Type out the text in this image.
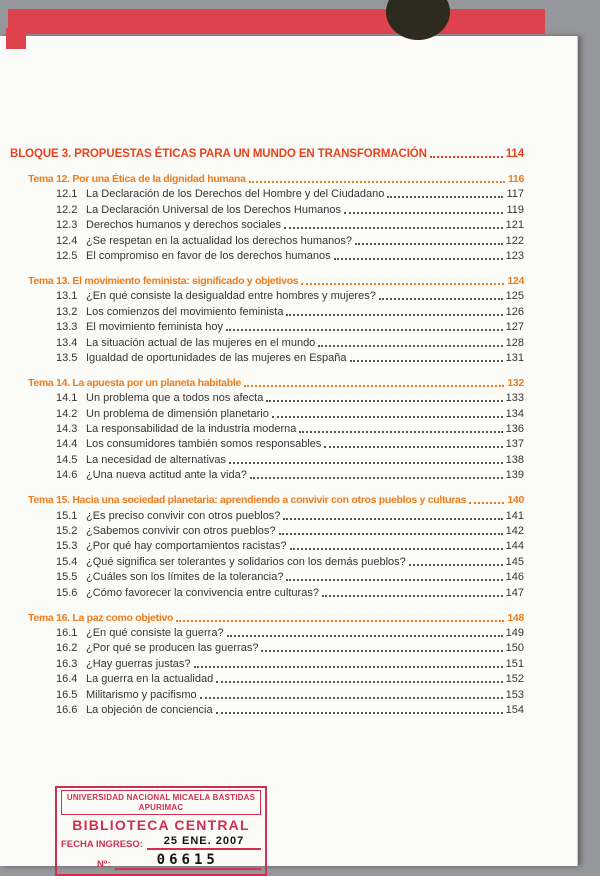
BLOQUE 3. PROPUESTAS ÉTICAS PARA UN MUNDO EN TRANSFORMACIÓN	114
Tema 12. Por una Ética de la dignidad humana	116
12.1 La Declaración de los Derechos del Hombre y del Ciudadano	117
12.2 La Declaración Universal de los Derechos Humanos	119
12.3 Derechos humanos y derechos sociales	121
12.4 ¿Se respetan en la actualidad los derechos humanos?	122
12.5 El compromiso en favor de los derechos humanos	123
Tema 13. El movimiento feminista: significado y objetivos	124
13.1 ¿En qué consiste la desigualdad entre hombres y mujeres?	125
13.2 Los comienzos del movimiento feminista	126
13.3 El movimiento feminista hoy	127
13.4 La situación actual de las mujeres en el mundo	128
13.5 Igualdad de oportunidades de las mujeres en España	131
Tema 14. La apuesta por un planeta habitable	132
14.1 Un problema que a todos nos afecta	133
14.2 Un problema de dimensión planetario	134
14.3 La responsabilidad de la industria moderna	136
14.4 Los consumidores también somos responsables	137
14.5 La necesidad de alternativas	138
14.6 ¿Una nueva actitud ante la vida?	139
Tema 15. Hacia una sociedad planetaria: aprendiendo a convivir con otros pueblos y culturas	140
15.1 ¿Es preciso convivir con otros pueblos?	141
15.2 ¿Sabemos convivir con otros pueblos?	142
15.3 ¿Por qué hay comportamientos racistas?	144
15.4 ¿Qué significa ser tolerantes y solidarios con los demás pueblos?	145
15.5 ¿Cuáles son los límites de la tolerancia?	146
15.6 ¿Cómo favorecer la convivencia entre culturas?	147
Tema 16. La paz como objetivo	148
16.1 ¿En qué consiste la guerra?	149
16.2 ¿Por qué se producen las guerras?	150
16.3 ¿Hay guerras justas?	151
16.4 La guerra en la actualidad	152
16.5 Militarismo y pacifismo	153
16.6 La objeción de conciencia	154
UNIVERSIDAD NACIONAL MICAELA BASTIDAS
APURIMAC
BIBLIOTECA CENTRAL
FECHA INGRESO:	25 ENE. 2007
Nº:	06615
